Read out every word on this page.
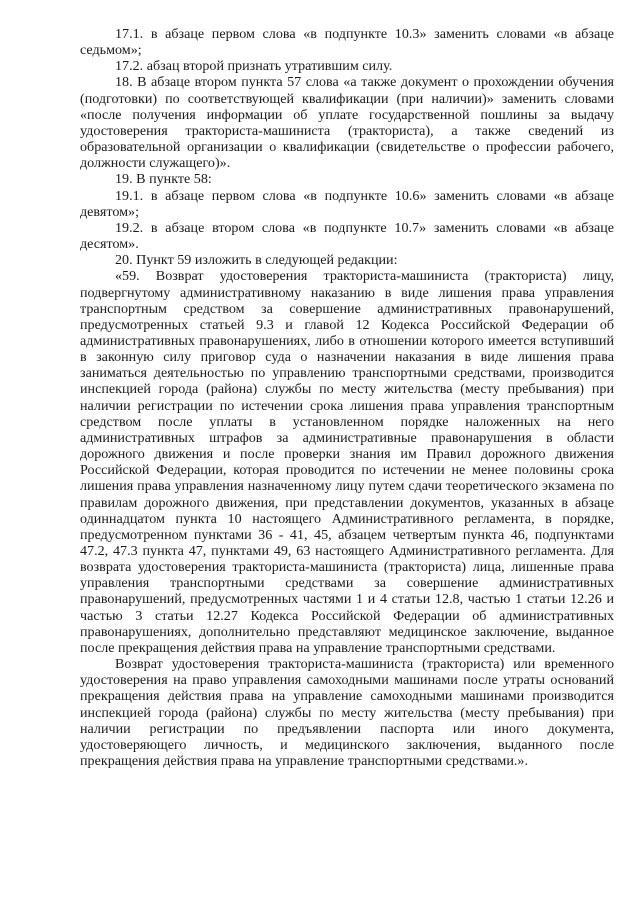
17.1. в абзаце первом слова «в подпункте 10.3» заменить словами «в абзаце седьмом»;

17.2. абзац второй признать утратившим силу.

18. В абзаце втором пункта 57 слова «а также документ о прохождении обучения (подготовки) по соответствующей квалификации (при наличии)» заменить словами «после получения информации об уплате государственной пошлины за выдачу удостоверения тракториста-машиниста (тракториста), а также сведений из образовательной организации о квалификации (свидетельстве о профессии рабочего, должности служащего)».

19. В пункте 58:

19.1. в абзаце первом слова «в подпункте 10.6» заменить словами «в абзаце девятом»;

19.2. в абзаце втором слова «в подпункте 10.7» заменить словами «в абзаце десятом».

20. Пункт 59 изложить в следующей редакции:

«59. Возврат удостоверения тракториста-машиниста (тракториста) лицу, подвергнутому административному наказанию в виде лишения права управления транспортным средством за совершение административных правонарушений, предусмотренных статьей 9.3 и главой 12 Кодекса Российской Федерации об административных правонарушениях, либо в отношении которого имеется вступивший в законную силу приговор суда о назначении наказания в виде лишения права заниматься деятельностью по управлению транспортными средствами, производится инспекцией города (района) службы по месту жительства (месту пребывания) при наличии регистрации по истечении срока лишения права управления транспортным средством после уплаты в установленном порядке наложенных на него административных штрафов за административные правонарушения в области дорожного движения и после проверки знания им Правил дорожного движения Российской Федерации, которая проводится по истечении не менее половины срока лишения права управления назначенному лицу путем сдачи теоретического экзамена по правилам дорожного движения, при представлении документов, указанных в абзаце одиннадцатом пункта 10 настоящего Административного регламента, в порядке, предусмотренном пунктами 36 - 41, 45, абзацем четвертым пункта 46, подпунктами 47.2, 47.3 пункта 47, пунктами 49, 63 настоящего Административного регламента. Для возврата удостоверения тракториста-машиниста (тракториста) лица, лишенные права управления транспортными средствами за совершение административных правонарушений, предусмотренных частями 1 и 4 статьи 12.8, частью 1 статьи 12.26 и частью 3 статьи 12.27 Кодекса Российской Федерации об административных правонарушениях, дополнительно представляют медицинское заключение, выданное после прекращения действия права на управление транспортными средствами.

Возврат удостоверения тракториста-машиниста (тракториста) или временного удостоверения на право управления самоходными машинами после утраты оснований прекращения действия права на управление самоходными машинами производится инспекцией города (района) службы по месту жительства (месту пребывания) при наличии регистрации по предъявлении паспорта или иного документа, удостоверяющего личность, и медицинского заключения, выданного после прекращения действия права на управление транспортными средствами.».
